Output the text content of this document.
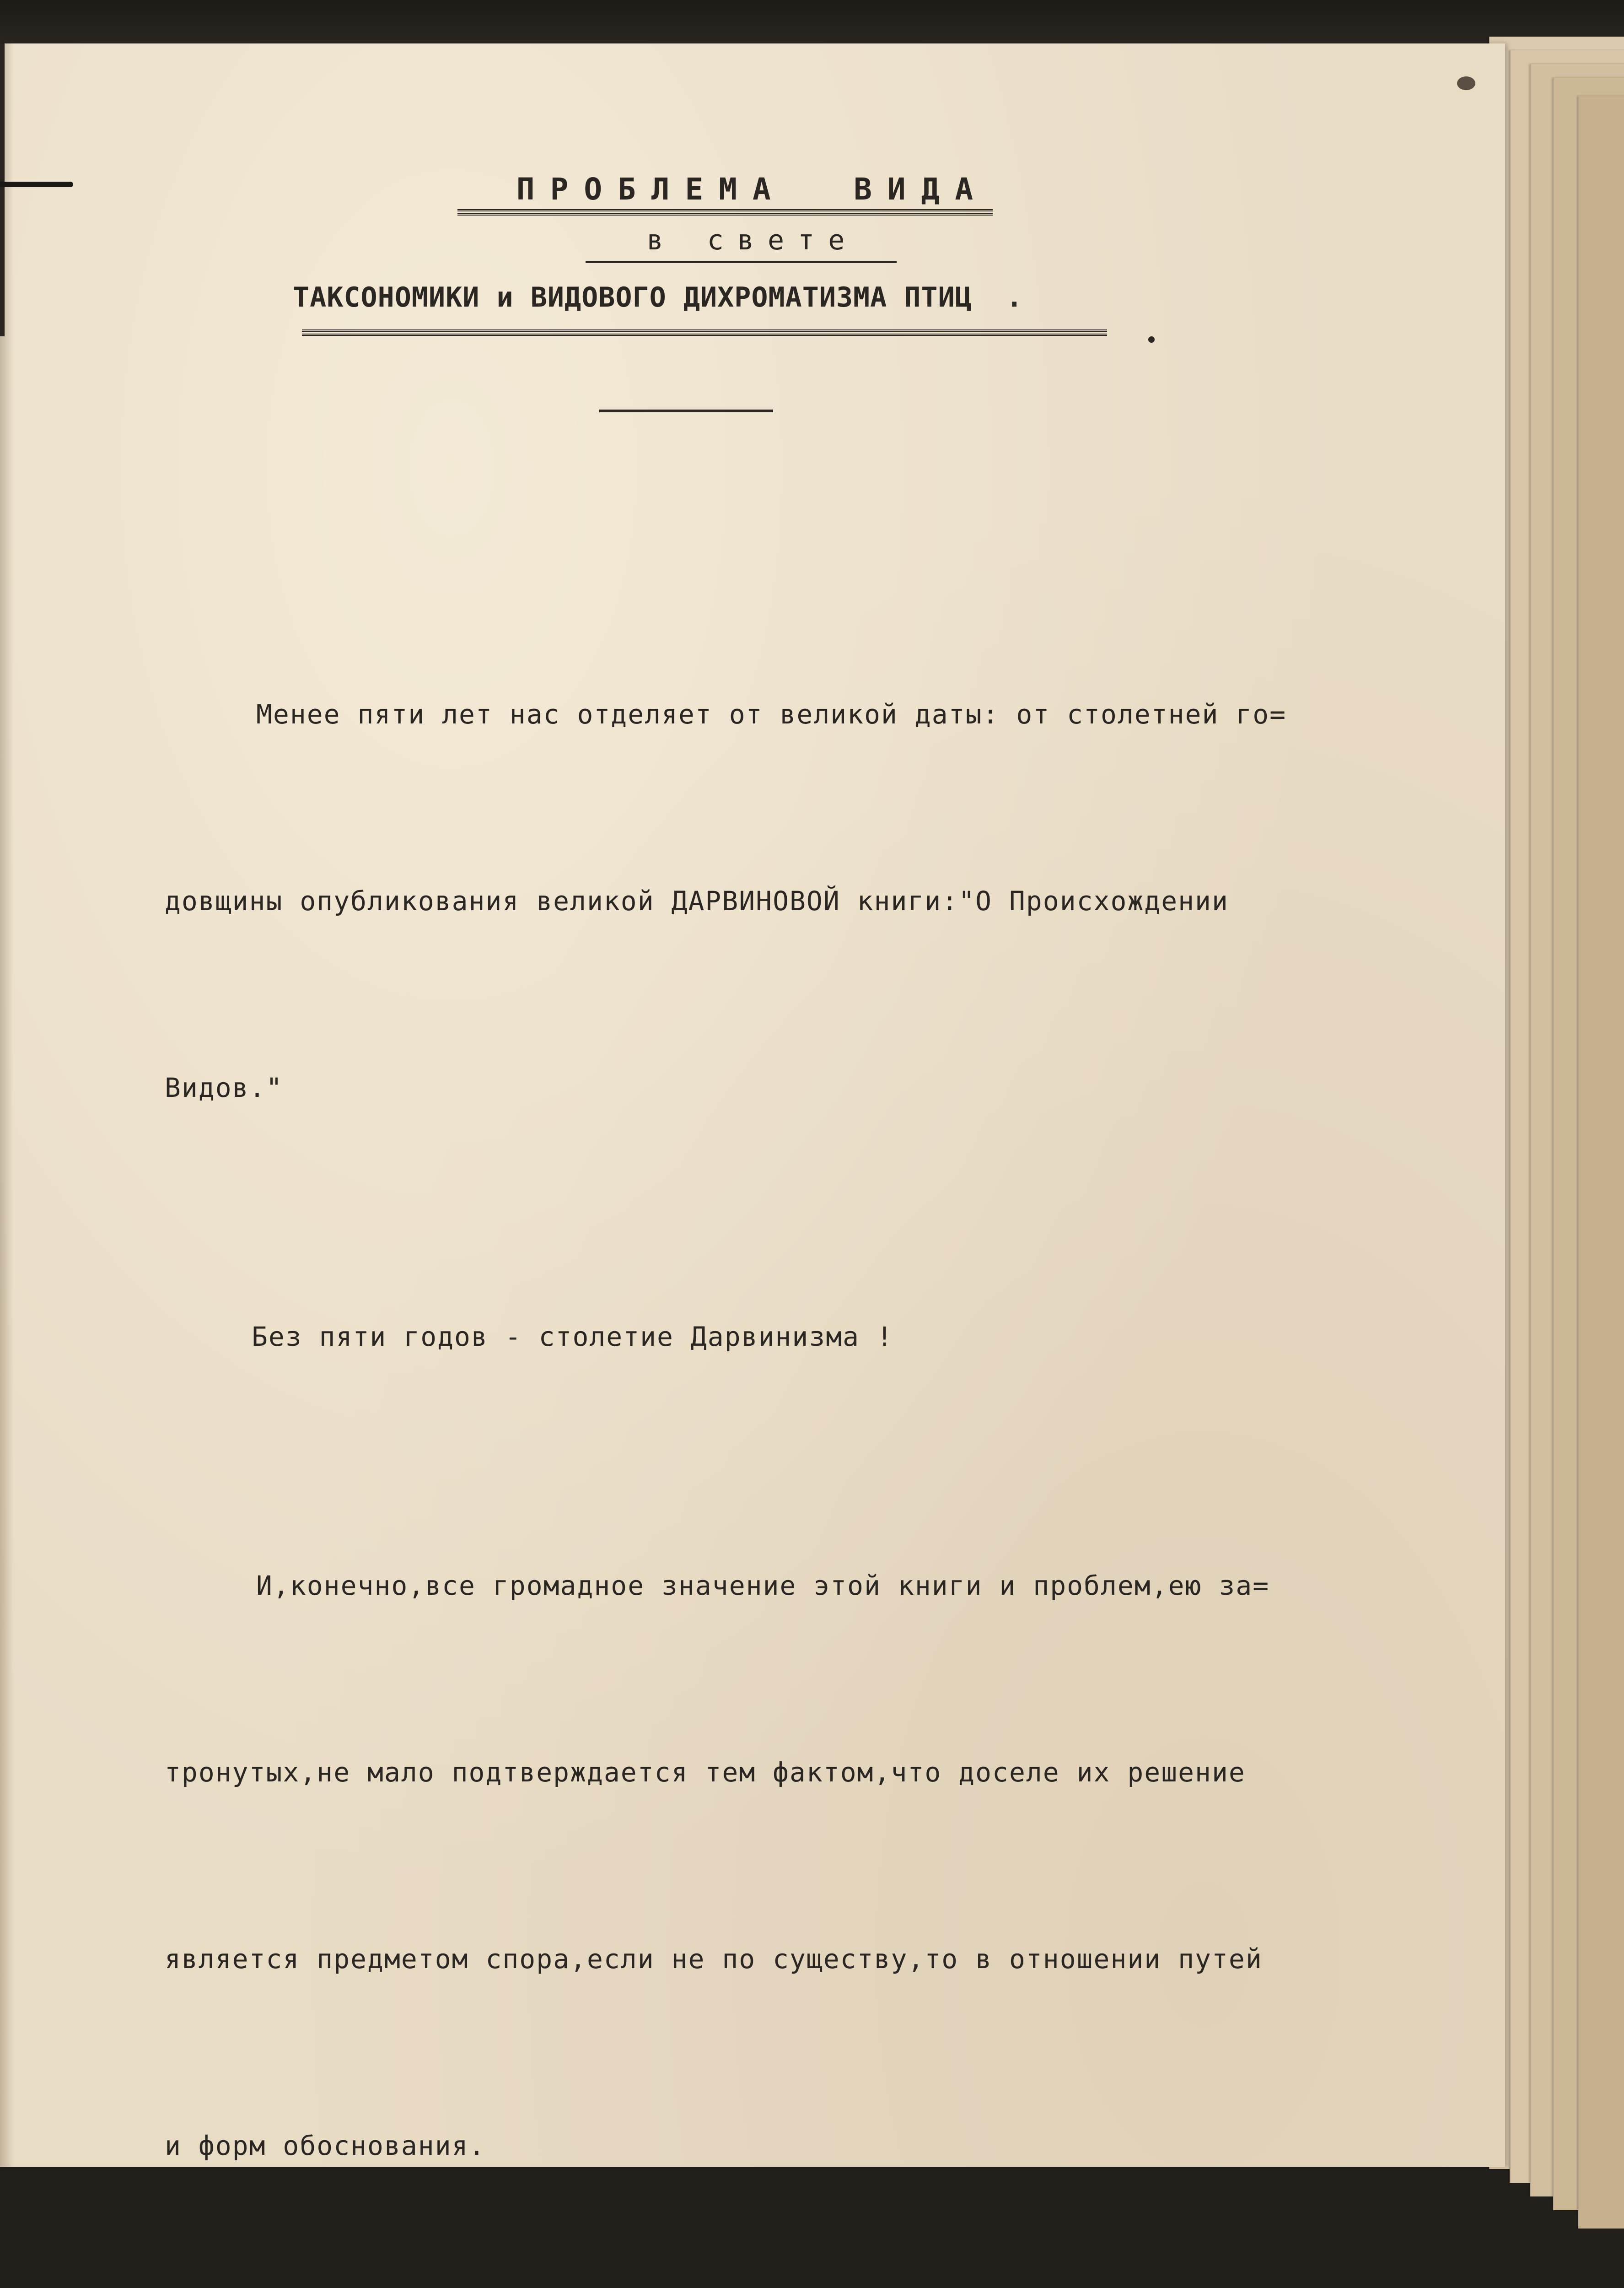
ПРОБЛЕМА  ВИДА
в свете
ТАКСОНОМИКИ и ВИДОВОГО ДИХРОМАТИЗМА ПТИЦ  .

Менее пяти лет нас отделяет от великой даты: от столетней го=

довщины опубликования великой ДАРВИНОВОЙ книги:"О Происхождении

Видов."

Без пяти годов - столетие Дарвинизма !

И,конечно,все громадное значение этой книги и проблем,ею за=

тронутых,не мало подтверждается тем фактом,что доселе их решение

является предметом спора,если не по существу,то в отношении путей

и форм обоснования.
